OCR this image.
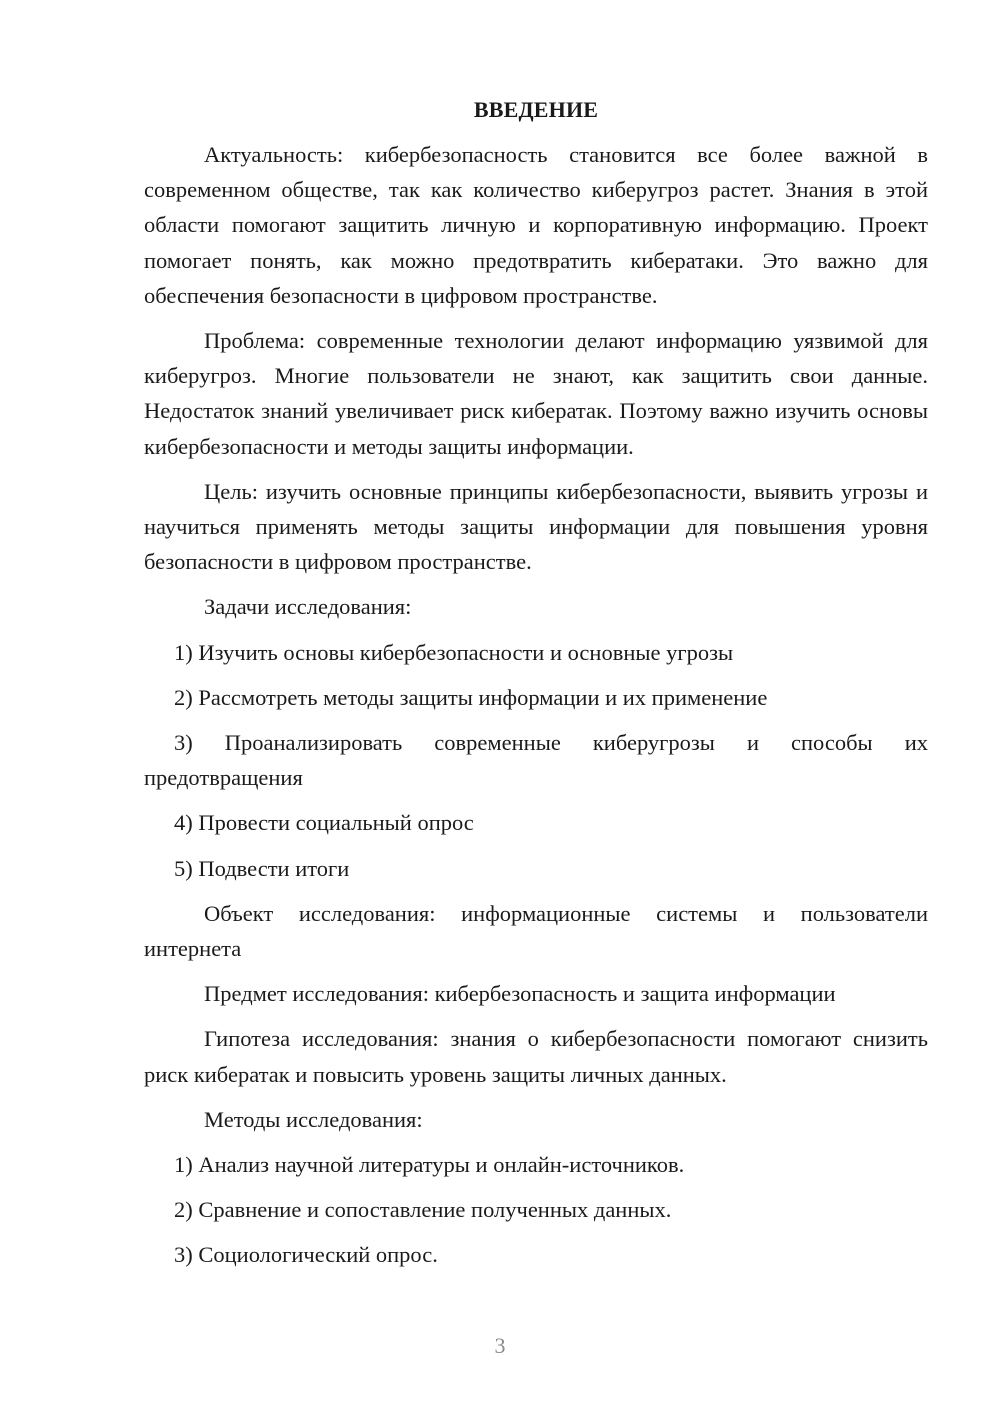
ВВЕДЕНИЕ

Актуальность: кибербезопасность становится все более важной в современном обществе, так как количество киберугроз растет. Знания в этой области помогают защитить личную и корпоративную информацию. Проект помогает понять, как можно предотвратить кибератаки. Это важно для обеспечения безопасности в цифровом пространстве.

Проблема: современные технологии делают информацию уязвимой для киберугроз. Многие пользователи не знают, как защитить свои данные. Недостаток знаний увеличивает риск кибератак. Поэтому важно изучить основы кибербезопасности и методы защиты информации.

Цель: изучить основные принципы кибербезопасности, выявить угрозы и научиться применять методы защиты информации для повышения уровня безопасности в цифровом пространстве.

Задачи исследования:

1) Изучить основы кибербезопасности и основные угрозы

2) Рассмотреть методы защиты информации и их применение

3) Проанализировать современные киберугрозы и способы их предотвращения

4) Провести социальный опрос

5) Подвести итоги

Объект исследования: информационные системы и пользователи интернета

Предмет исследования: кибербезопасность и защита информации

Гипотеза исследования: знания о кибербезопасности помогают снизить риск кибератак и повысить уровень защиты личных данных.

Методы исследования:

1) Анализ научной литературы и онлайн-источников.

2) Сравнение и сопоставление полученных данных.

3) Социологический опрос.

3
